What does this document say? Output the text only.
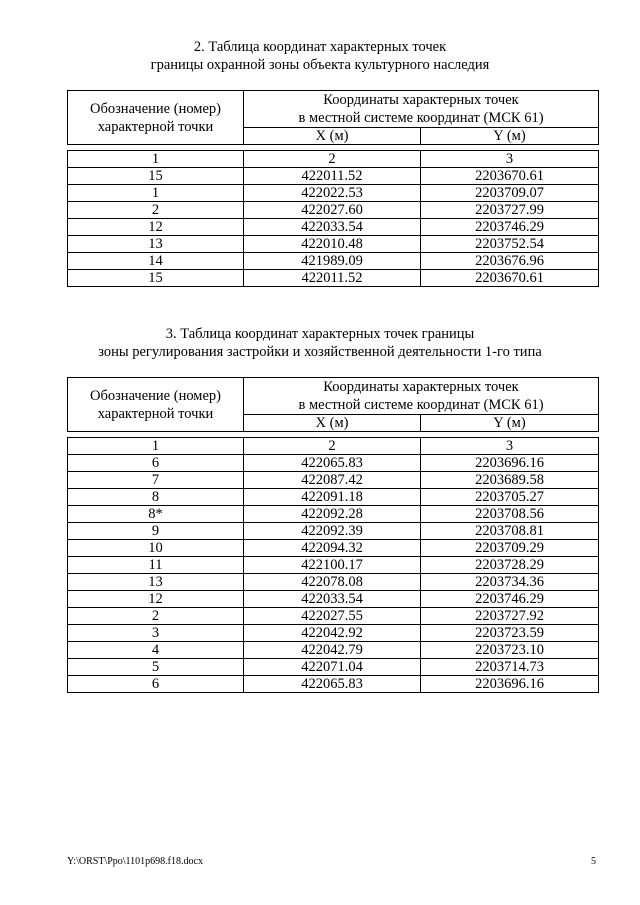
2. Таблица координат характерных точек
границы охранной зоны объекта культурного наследия
Обозначение (номер) характерной точки	Координаты характерных точек
в местной системе координат (МСК 61)	

	X (м)	Y (м)

1	2	3
15	422011.52	2203670.61
1	422022.53	2203709.07
2	422027.60	2203727.99
12	422033.54	2203746.29
13	422010.48	2203752.54
14	421989.09	2203676.96
15	422011.52	2203670.61
3. Таблица координат характерных точек границы
зоны регулирования застройки и хозяйственной деятельности 1-го типа
Обозначение (номер) характерной точки	Координаты характерных точек
в местной системе координат (МСК 61)	

	X (м)	Y (м)

1	2	3
6	422065.83	2203696.16
7	422087.42	2203689.58
8	422091.18	2203705.27
8*	422092.28	2203708.56
9	422092.39	2203708.81
10	422094.32	2203709.29
11	422100.17	2203728.29
13	422078.08	2203734.36
12	422033.54	2203746.29
2	422027.55	2203727.92
3	422042.92	2203723.59
4	422042.79	2203723.10
5	422071.04	2203714.73
6	422065.83	2203696.16
Y:\ORST\Ppo\1101p698.f18.docx	5
